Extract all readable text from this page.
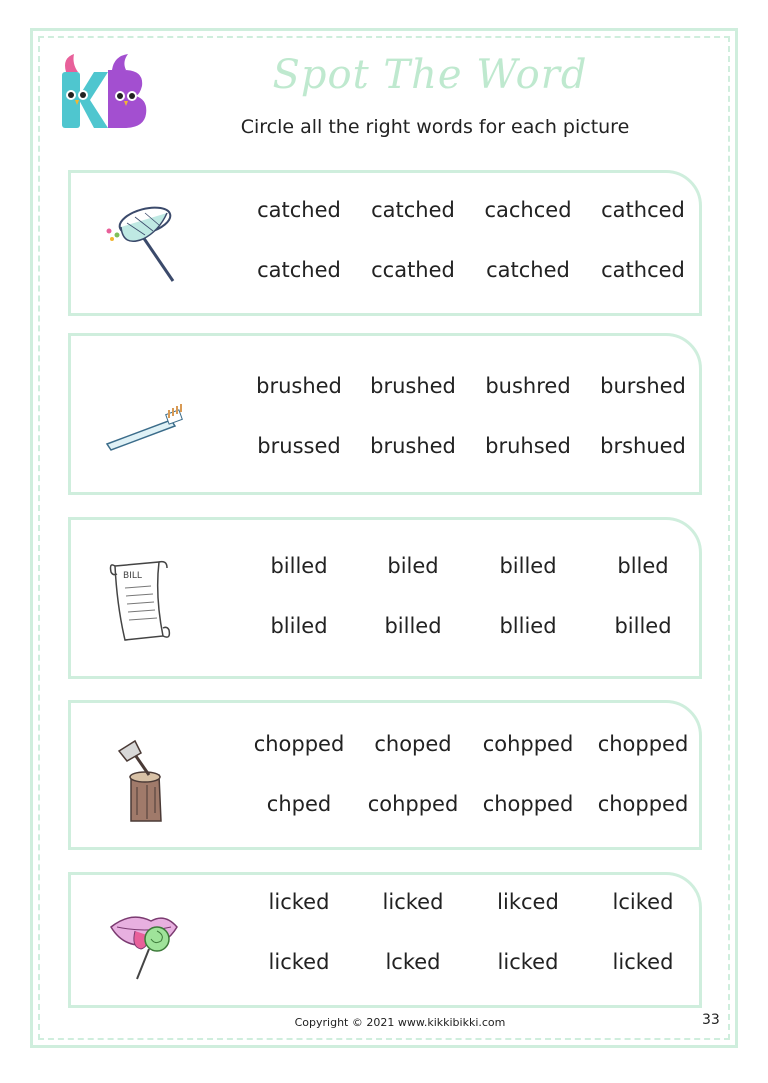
Spot The Word
Circle all the right words for each picture
BILL
catched	catched	cachced	cathced
catched	ccathed	catched	cathced
brushed	brushed	bushred	burshed
brussed	brushed	bruhsed	brshued
billed	biled	billed	blled
bliled	billed	bllied	billed
chopped	choped	cohpped	chopped
chped	cohpped	chopped	chopped
licked	licked	likced	lciked
licked	lcked	licked	licked
Copyright © 2021 www.kikkibikki.com	33
